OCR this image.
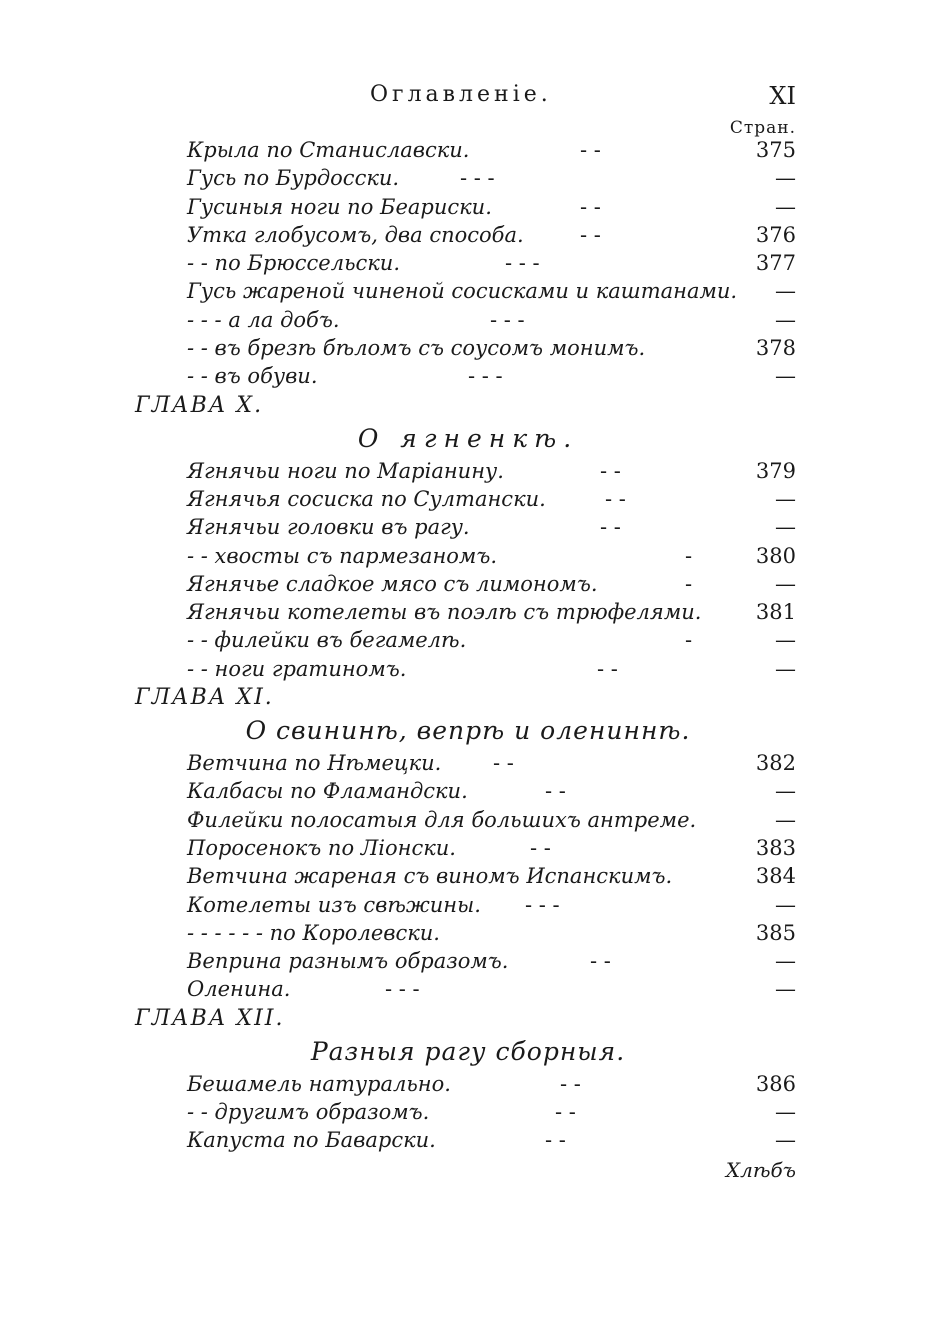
Оглавленіе.	XI
Стран.
Крыла по Станиславски.	- -	375
Гусь по Бурдосски.	- - -	—
Гусиныя ноги по Беариски.	- -	—
Утка глобусомъ, два способа.	- -	376
- - по Брюссельски.	- - -	377
Гусь жареной чиненой сосисками и каштанами.	—
- - - а ла добъ.	- - -	—
- - въ брезѣ бѣломъ съ соусомъ монимъ.	378
- - въ обуви.	- - -	—
ГЛАВА X.
О ягненкѣ.
Ягнячьи ноги по Маріанину.	- -	379
Ягнячья сосиска по Султански.	- -	—
Ягнячьи головки въ рагу.	- -	—
- - хвосты съ пармезаномъ.	-	380
Ягнячье сладкое мясо съ лимономъ.	-	—
Ягнячьи котелеты въ поэлѣ съ трюфелями.	381
- - филейки въ бегамелѣ.	-	—
- - ноги гратиномъ.	- -	—
ГЛАВА XI.
О свининѣ, вепрѣ и олениннѣ.
Ветчина по Нѣмецки. - -	382
Калбасы по Фламандски.	- -	—
Филейки полосатыя для большихъ антреме.	—
Поросенокъ по Ліонски.	- -	383
Ветчина жареная съ виномъ Испанскимъ.	384
Котелеты изъ свѣжины. - - -	—
- - - - - - по Королевски.	385
Веприна разнымъ образомъ.	- -	—
Оленина.	- - -	—
ГЛАВА XII.
Разныя рагу сборныя.
Бешамель натурально.	- -	386
- - другимъ образомъ.	- -	—
Капуста по Баварски.	- -	—
Хлѣбъ
